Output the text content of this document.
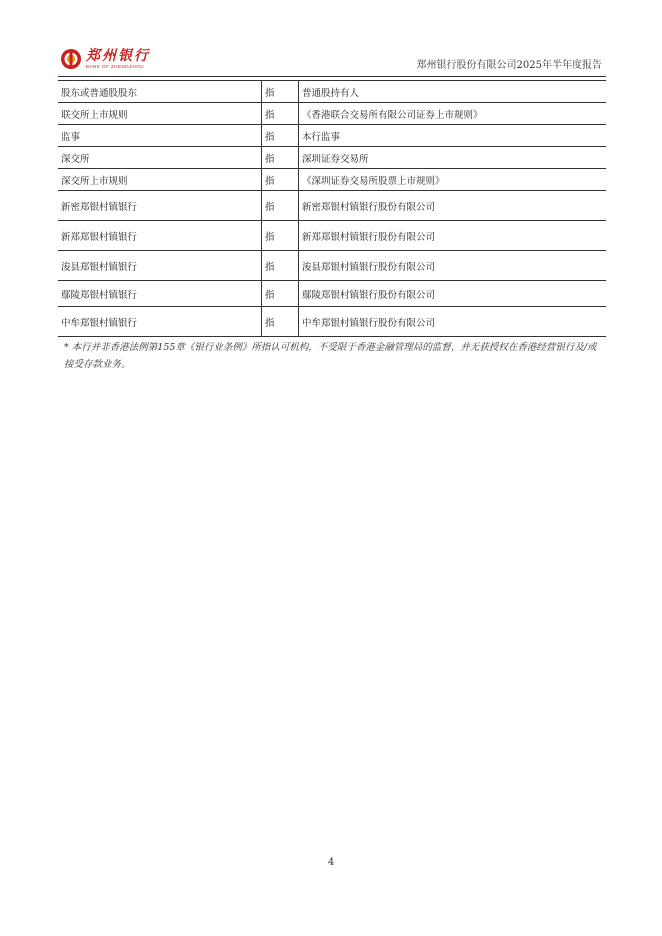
郑州银行
BANK OF ZHENGZHOU	郑州银行股份有限公司2025年半年度报告
股东或普通股股东	指	普通股持有人
联交所上市规则	指	《香港联合交易所有限公司证券上市规则》
监事	指	本行监事
深交所	指	深圳证券交易所
深交所上市规则	指	《深圳证券交易所股票上市规则》
新密郑银村镇银行	指	新密郑银村镇银行股份有限公司
新郑郑银村镇银行	指	新郑郑银村镇银行股份有限公司
浚县郑银村镇银行	指	浚县郑银村镇银行股份有限公司
鄢陵郑银村镇银行	指	鄢陵郑银村镇银行股份有限公司
中牟郑银村镇银行	指	中牟郑银村镇银行股份有限公司
* 本行并非香港法例第155章《银行业条例》所指认可机构，不受限于香港金融管理局的监督，并无获授权在香港经营银行及/或接受存款业务。
4
